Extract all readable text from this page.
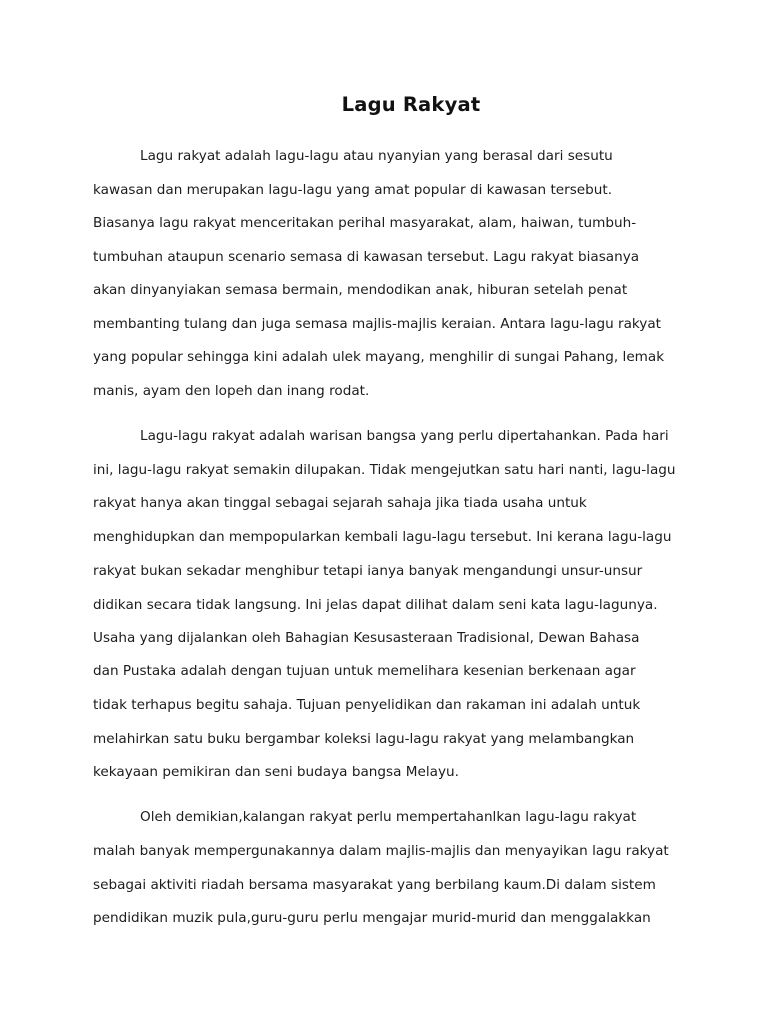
Lagu Rakyat
Lagu rakyat adalah lagu-lagu atau nyanyian yang berasal dari sesutu
kawasan dan merupakan lagu-lagu yang amat popular di kawasan tersebut.
Biasanya lagu rakyat menceritakan perihal masyarakat, alam, haiwan, tumbuh-
tumbuhan ataupun scenario semasa di kawasan tersebut. Lagu rakyat biasanya
akan dinyanyiakan semasa bermain, mendodikan anak, hiburan setelah penat
membanting tulang dan juga semasa majlis-majlis keraian. Antara lagu-lagu rakyat
yang popular sehingga kini adalah ulek mayang, menghilir di sungai Pahang, lemak
manis, ayam den lopeh dan inang rodat.
Lagu-lagu rakyat adalah warisan bangsa yang perlu dipertahankan. Pada hari
ini, lagu-lagu rakyat semakin dilupakan. Tidak mengejutkan satu hari nanti, lagu-lagu
rakyat hanya akan tinggal sebagai sejarah sahaja jika tiada usaha untuk
menghidupkan dan mempopularkan kembali lagu-lagu tersebut. Ini kerana lagu-lagu
rakyat bukan sekadar menghibur tetapi ianya banyak mengandungi unsur-unsur
didikan secara tidak langsung. Ini jelas dapat dilihat dalam seni kata lagu-lagunya.
Usaha yang dijalankan oleh Bahagian Kesusasteraan Tradisional, Dewan Bahasa
dan Pustaka adalah dengan tujuan untuk memelihara kesenian berkenaan agar
tidak terhapus begitu sahaja. Tujuan penyelidikan dan rakaman ini adalah untuk
melahirkan satu buku bergambar koleksi lagu-lagu rakyat yang melambangkan
kekayaan pemikiran dan seni budaya bangsa Melayu.
Oleh demikian,kalangan rakyat perlu mempertahanlkan lagu-lagu rakyat
malah banyak mempergunakannya dalam majlis-majlis dan menyayikan lagu rakyat
sebagai aktiviti riadah bersama masyarakat yang berbilang kaum.Di dalam sistem
pendidikan muzik pula,guru-guru perlu mengajar murid-murid dan menggalakkan
